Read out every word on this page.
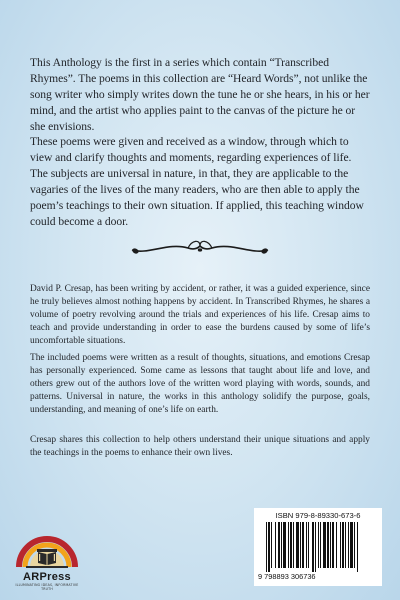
This Anthology is the first in a series which contain “Transcribed Rhymes”. The poems in this collection are “Heard Words”, not unlike the song writer who simply writes down the tune he or she hears, in his or her mind, and the artist who applies paint to the canvas of the picture he or she envisions.

These poems were given and received as a window, through which to view and clarify thoughts and moments, regarding experiences of life. The subjects are universal in nature, in that, they are applicable to the vagaries of the lives of the many readers, who are then able to apply the poem’s teachings to their own situation. If applied, this teaching window could become a door.

David P. Cresap, has been writing by accident, or rather, it was a guided experience, since he truly believes almost nothing happens by accident. In Transcribed Rhymes, he shares a volume of poetry revolving around the trials and experiences of his life. Cresap aims to teach and provide understanding in order to ease the burdens caused by some of life’s uncomfortable situations.

The included poems were written as a result of thoughts, situations, and emotions Cresap has personally experienced. Some came as lessons that taught about life and love, and others grew out of the authors love of the written word playing with words, sounds, and patterns. Universal in nature, the works in this anthology solidify the purpose, goals, understanding, and meaning of one’s life on earth.

Cresap shares this collection to help others understand their unique situations and apply the teachings in the poems to enhance their own lives.

ARPress
ILLUMINATING IDEAS, INFORMATIVE TRUTH
ISBN 979-8-89330-673-6
9 798893 306736
